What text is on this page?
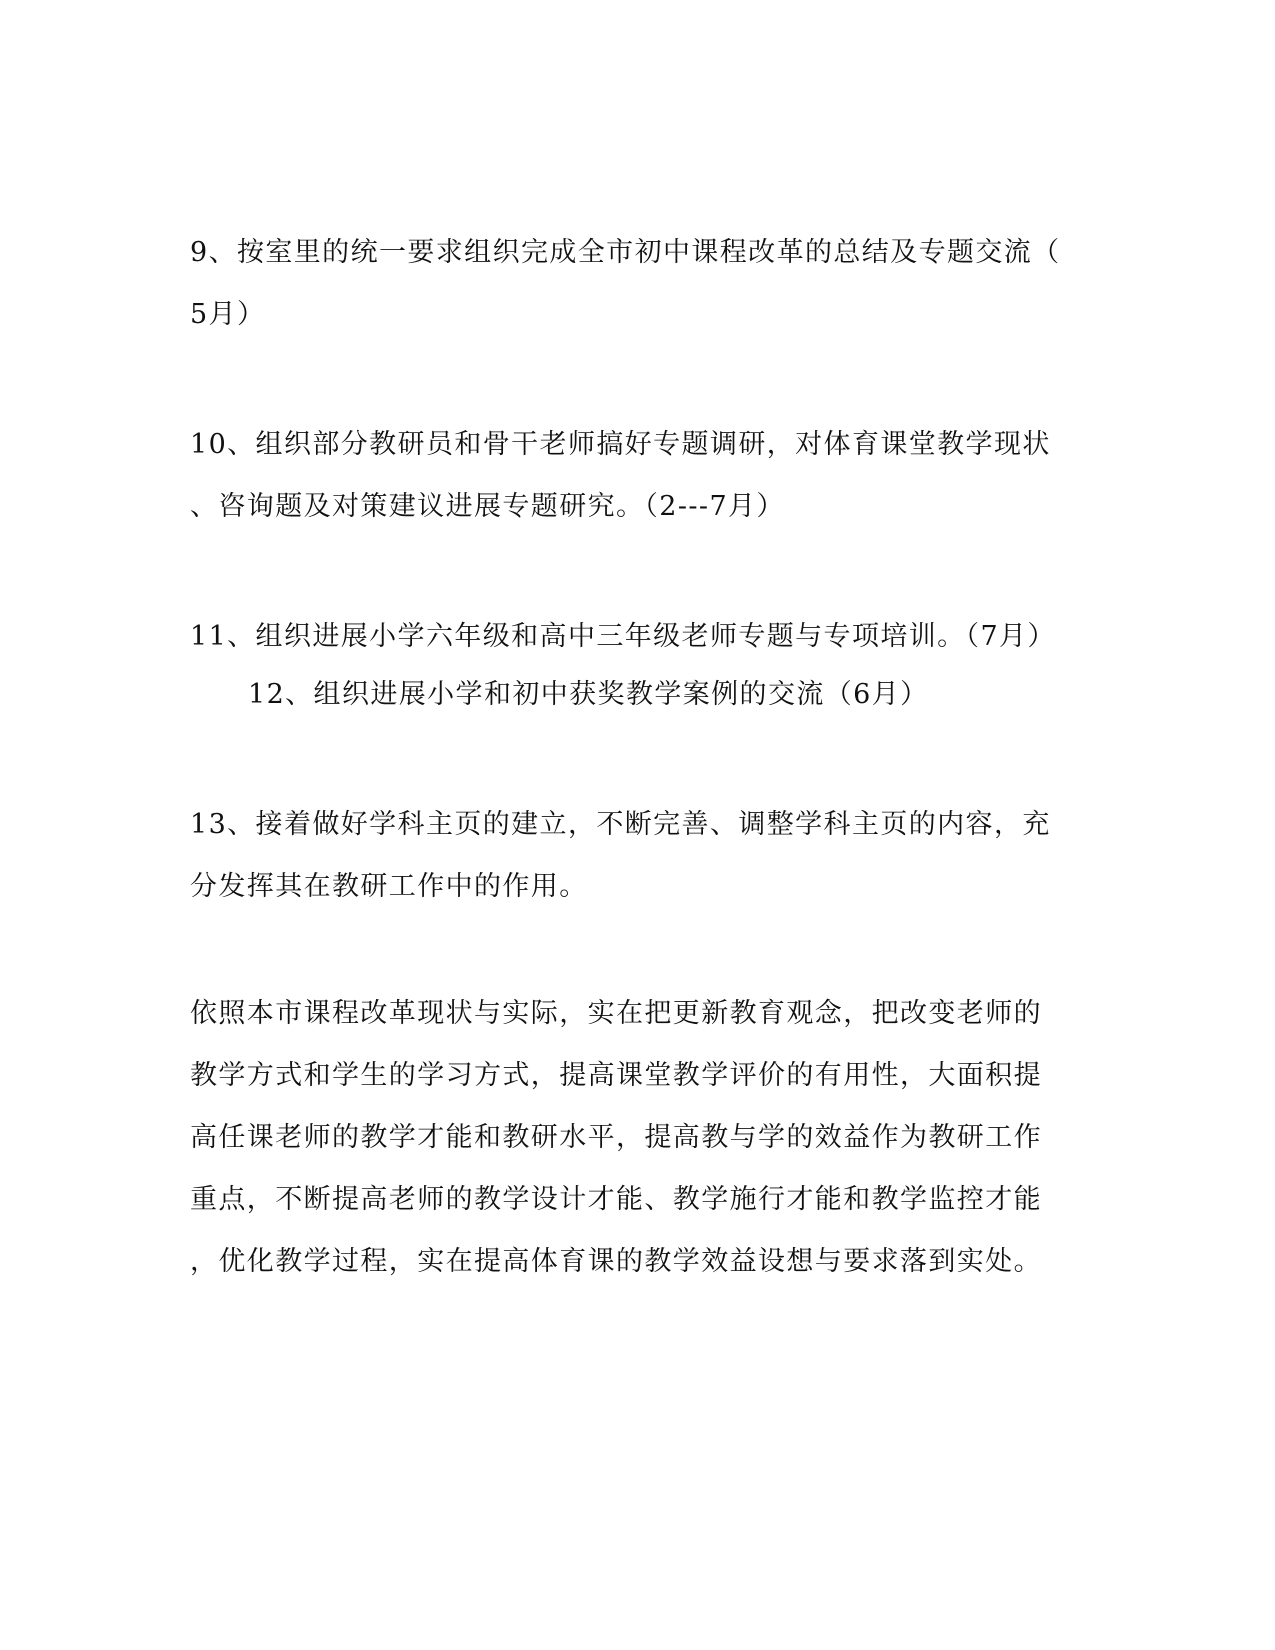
9、按室里的统一要求组织完成全市初中课程改革的总结及专题交流（
5月）
10、组织部分教研员和骨干老师搞好专题调研，对体育课堂教学现状
、咨询题及对策建议进展专题研究。（2---7月）
11、组织进展小学六年级和高中三年级老师专题与专项培训。（7月）
12、组织进展小学和初中获奖教学案例的交流（6月）
13、接着做好学科主页的建立，不断完善、调整学科主页的内容，充
分发挥其在教研工作中的作用。
依照本市课程改革现状与实际，实在把更新教育观念，把改变老师的
教学方式和学生的学习方式，提高课堂教学评价的有用性，大面积提
高任课老师的教学才能和教研水平，提高教与学的效益作为教研工作
重点，不断提高老师的教学设计才能、教学施行才能和教学监控才能
，优化教学过程，实在提高体育课的教学效益设想与要求落到实处。
